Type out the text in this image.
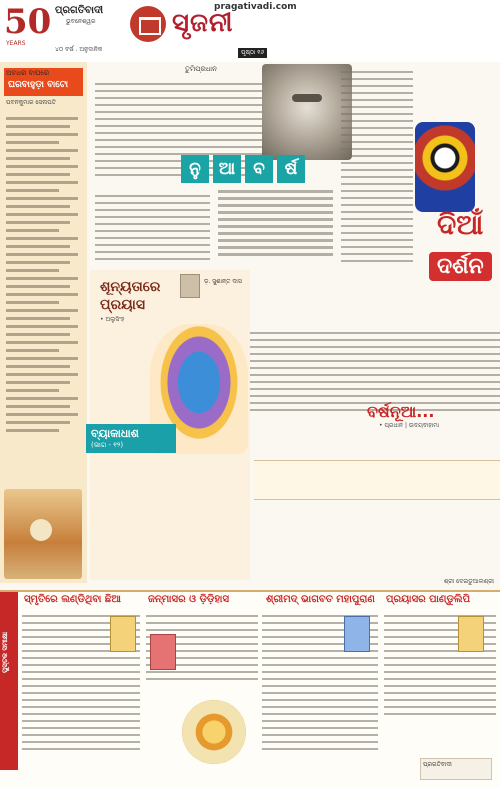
50
YEARS
ପ୍ରଗତିବାଦୀ
ଭୁବନେଶ୍ୱର
୪୦ ବର୍ଷ . ଅନୁଦାନିକ
pragativadi.com
ସୃଜନୀ
ପୃଷ୍ଠା ୧୬
ଅବଧର ବାଘରେ
ଘରବାହୁଡ଼ା ବାଟୋ
ପବନକୁମାର ସେନାପତି
ତୁମିପ୍ରଧାନ
ନୁ	ଆ	ବ	ର୍ଷ
ଦିଆଁ
ଦର୍ଶନ
ଶୂନ୍ୟତାରେ
ପ୍ରୟାସ
• ଅଲୁସିଂହ
ଡ଼. ସୁଶାନ୍ତ ଦାସ
ବ୍ୟାକାଧାଶ
(ଭାଗ - ୧୨)
ବର୍ଷନୂଆ...
• ପ୍ରଧାନ | ଉଦୟବାହାମା
ଶ୍ରୀ ଦେଇଡୁଆଲଶ୍ରୀ
ପୁସ୍ତକ ସମୀକ୍ଷା
ସ୍ମୃତିରେ ଲଣ୍ଡିଥିବା ଛିଆ	ଜନ୍ମାସର ଓ ଡ଼ିଡ଼ିହାସ	ଶ୍ରୀମଦ୍ ଭାଗବତ ମହାପୁରାଣ ପ୍ରୟାସର ପାଣ୍ଡୁଲିପି
ପ୍ରଗତିବାଦୀ
